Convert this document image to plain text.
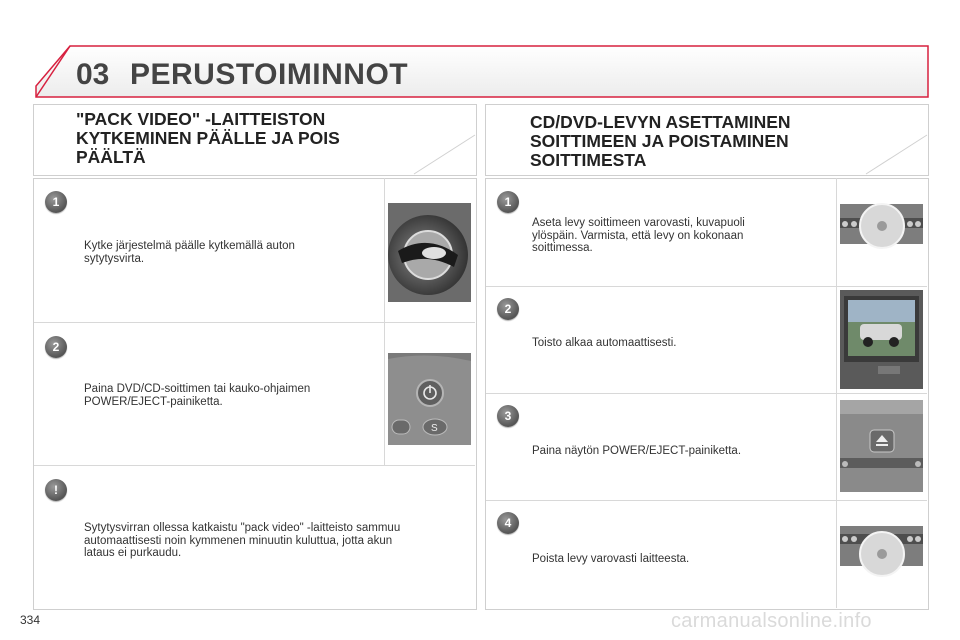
03 PERUSTOIMINNOT
"PACK VIDEO" -LAITTEISTON
KYTKEMINEN PÄÄLLE JA POIS
PÄÄLTÄ
1
Kytke järjestelmä päälle kytkemällä auton
sytytysvirta.
2
Paina DVD/CD-soittimen tai kauko-ohjaimen
POWER/EJECT-painiketta.
S
!
Sytytysvirran ollessa katkaistu "pack video" -laitteisto sammuu
automaattisesti noin kymmenen minuutin kuluttua, jotta akun
lataus ei purkaudu.
CD/DVD-LEVYN ASETTAMINEN
SOITTIMEEN JA POISTAMINEN
SOITTIMESTA
1
Aseta levy soittimeen varovasti, kuvapuoli
ylöspäin. Varmista, että levy on kokonaan
soittimessa.
2
Toisto alkaa automaattisesti.
3
Paina näytön POWER/EJECT-painiketta.
4
Poista levy varovasti laitteesta.
334	carmanualsonline.info
